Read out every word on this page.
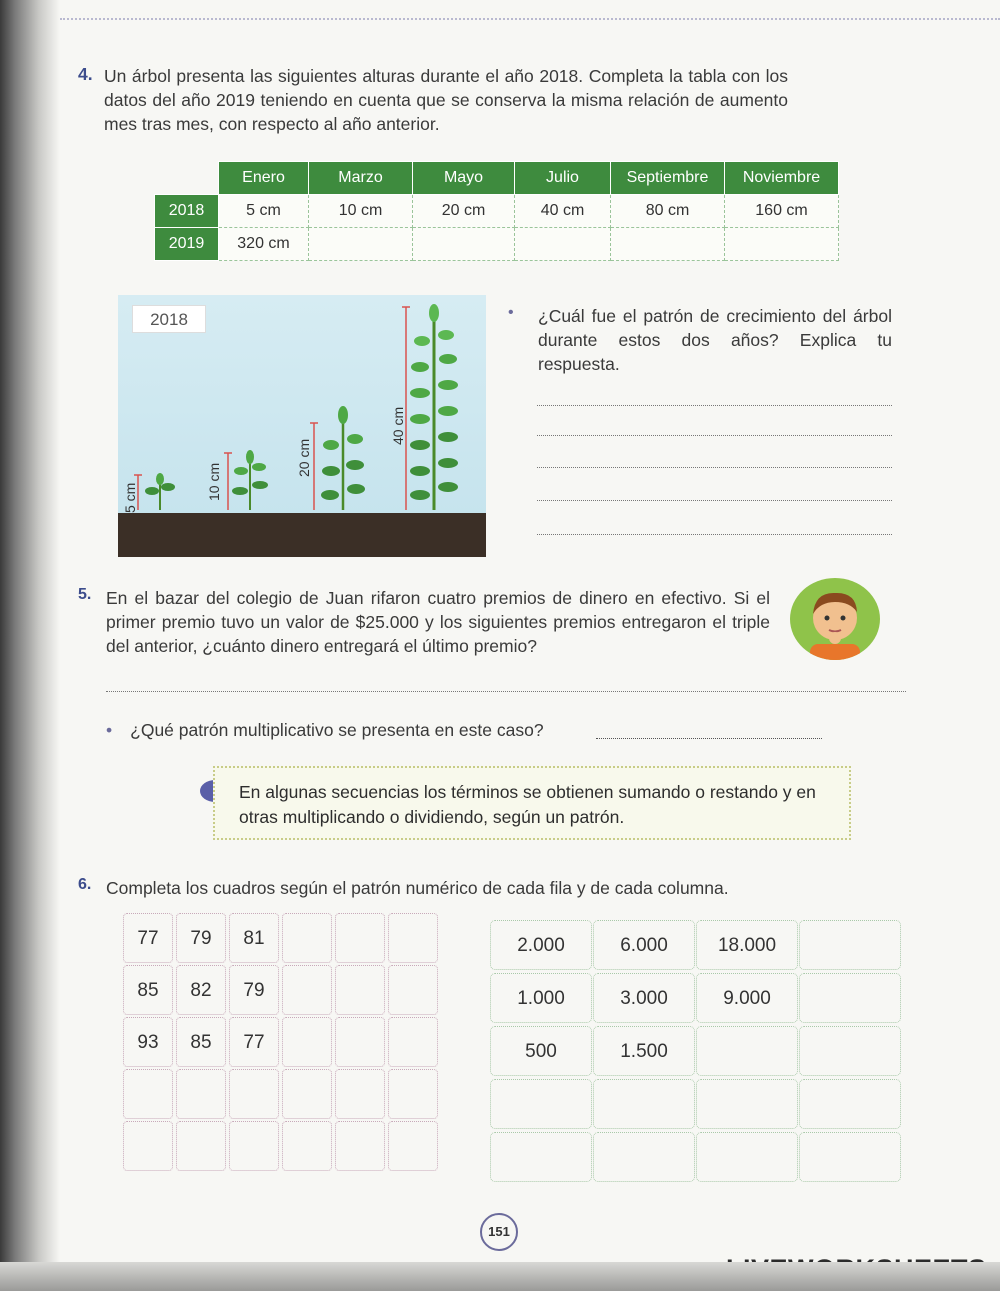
4. Un árbol presenta las siguientes alturas durante el año 2018. Completa la tabla con los datos del año 2019 teniendo en cuenta que se conserva la misma relación de aumento mes tras mes, con respecto al año anterior.

	Enero	Marzo	Mayo	Julio	Septiembre	Noviembre
2018	5 cm	10 cm	20 cm	40 cm	80 cm	160 cm
2019	320 cm					
2018
5 cm	10 cm
20 cm
40 cm
• ¿Cuál fue el patrón de crecimiento del árbol durante estos dos años? Explica tu respuesta.

5. En el bazar del colegio de Juan rifaron cuatro premios de dinero en efectivo. Si el primer premio tuvo un valor de $25.000 y los siguientes premios entregaron el triple del anterior, ¿cuánto dinero entregará el último premio?

• ¿Qué patrón multiplicativo se presenta en este caso?

En algunas secuencias los términos se obtienen sumando o restando y en otras multiplicando o dividiendo, según un patrón.

6. Completa los cuadros según el patrón numérico de cada fila y de cada columna.

77	79	81
85	82	79
93	85	77
2.000	6.000	18.000
1.000	3.000	9.000
500	1.500
151
